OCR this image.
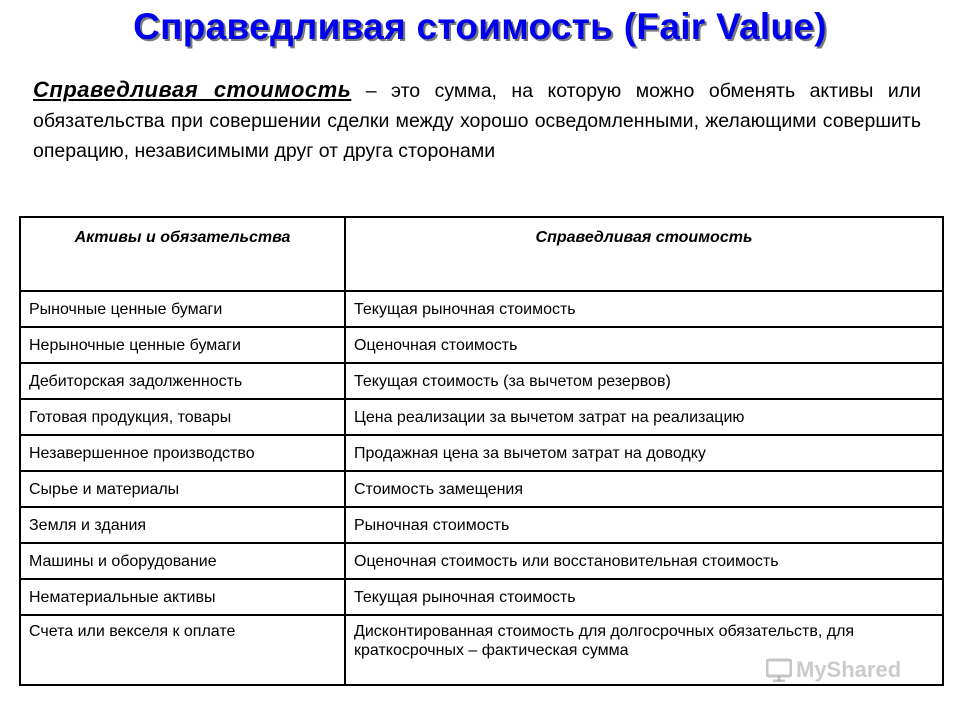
Справедливая стоимость (Fair Value)

Справедливая стоимость – это сумма, на которую можно обменять активы или обязательства при совершении сделки между хорошо осведомленными, желающими совершить операцию, независимыми друг от друга сторонами

Активы и обязательства	Справедливая стоимость
Рыночные ценные бумаги	Текущая рыночная стоимость
Нерыночные ценные бумаги	Оценочная стоимость
Дебиторская задолженность	Текущая стоимость (за вычетом резервов)
Готовая продукция, товары	Цена реализации за вычетом затрат на реализацию
Незавершенное производство	Продажная цена за вычетом затрат на доводку
Сырье и материалы	Стоимость замещения
Земля и здания	Рыночная стоимость
Машины и оборудование	Оценочная стоимость или восстановительная стоимость
Нематериальные активы	Текущая рыночная стоимость
Счета или векселя к оплате	Дисконтированная стоимость для долгосрочных обязательств, для краткосрочных – фактическая сумма
MyShared
